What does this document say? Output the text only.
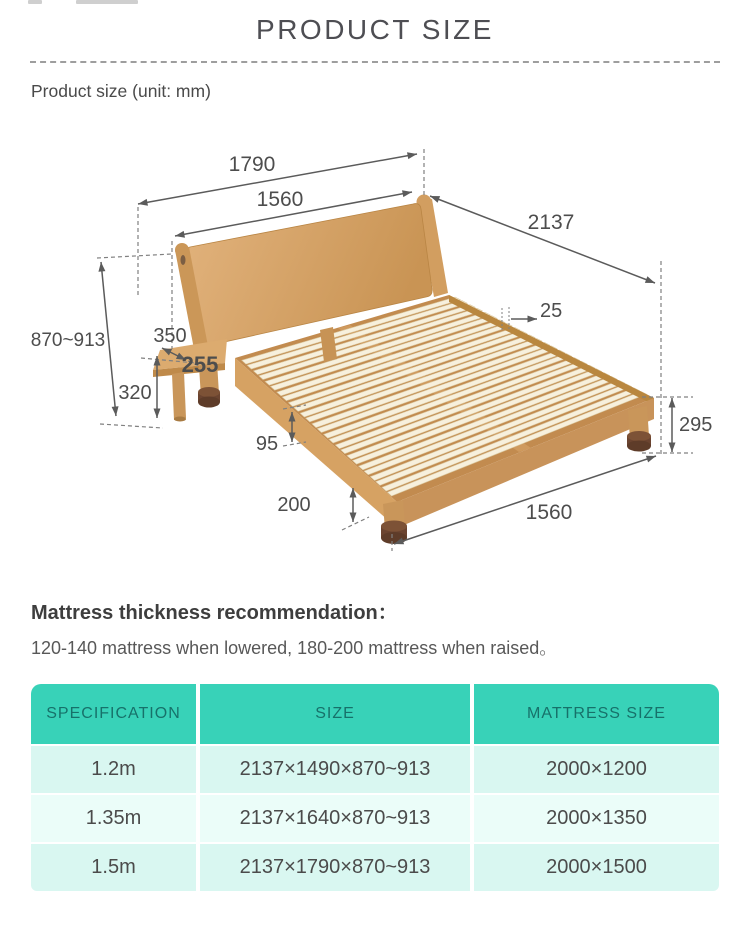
PRODUCT SIZE

Product size (unit: mm)

1790
1560
2137
25
870~913 350
255
320
95
200
295
1560
Mattress thickness recommendation：

120-140 mattress when lowered, 180-200 mattress when raised。

SPECIFICATION	SIZE	MATTRESS SIZE
1.2m	2137×1490×870~913	2000×1200
1.35m	2137×1640×870~913	2000×1350
1.5m	2137×1790×870~913	2000×1500
